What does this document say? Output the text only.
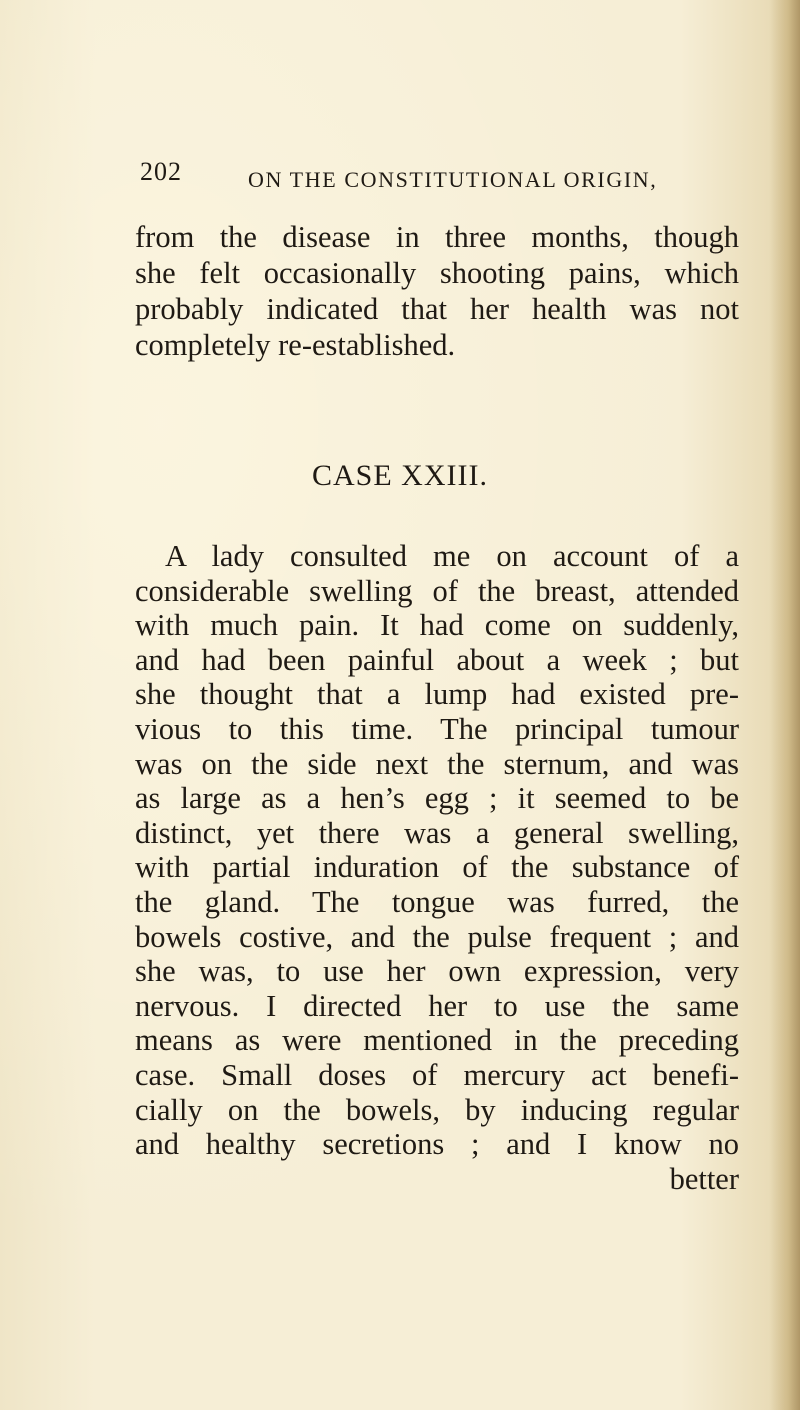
202	ON THE CONSTITUTIONAL ORIGIN,
from the disease in three months, though
she felt occasionally shooting pains, which
probably indicated that her health was not
completely re-established.
CASE XXIII.
A lady consulted me on account of a
considerable swelling of the breast, attended
with much pain. It had come on suddenly,
and had been painful about a week ; but
she thought that a lump had existed pre-
vious to this time. The principal tumour
was on the side next the sternum, and was
as large as a hen’s egg ; it seemed to be
distinct, yet there was a general swelling,
with partial induration of the substance of
the gland. The tongue was furred, the
bowels costive, and the pulse frequent ; and
she was, to use her own expression, very
nervous. I directed her to use the same
means as were mentioned in the preceding
case. Small doses of mercury act benefi-
cially on the bowels, by inducing regular
and healthy secretions ; and I know no
better
